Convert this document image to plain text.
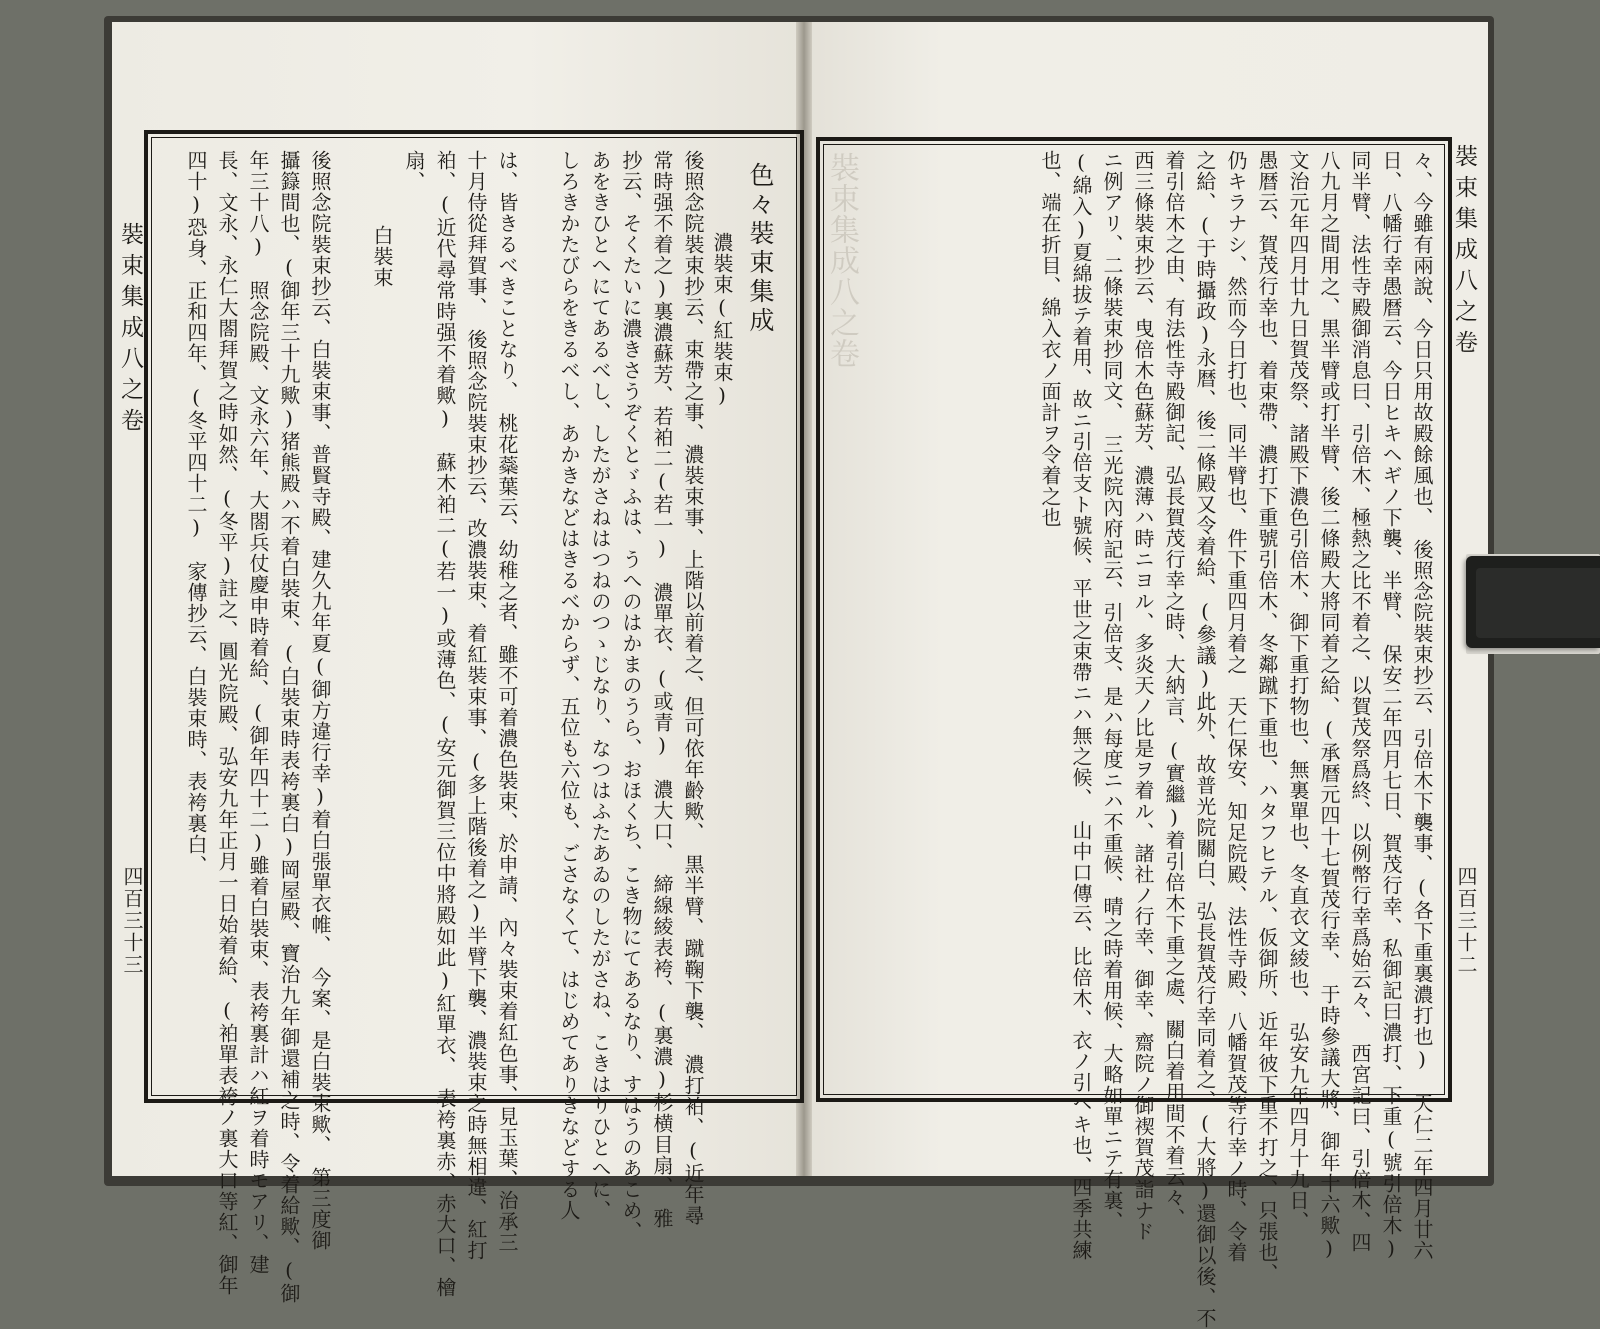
裝束集成八之卷
裝束集成八之卷
四百三十三
裝束集成八之卷
四百三十二
色々裝束集成
濃裝束(紅裝束)
後照念院裝束抄云、束帶之事、濃裝束事、上階以前着之、但可依年齡歟、　黒半臂、蹴鞠下襲、　濃打袙、(近年尋
常時强不着之)裏濃蘇芳、若袙二(若一)　濃單衣、(或青)　濃大口、　締線綾表袴、(裏濃)杉横目扇、　雅
抄云、そくたいに濃きさうぞくとゞふは、うへのはかまのうら、おほくち、こき物にてあるなり、すはうのあこめ、
あをきひとへにてあるべし、したがさねはつねのつゝじなり、なつはふたあゐのしたがさね、こきはりひとへに、
しろきかたびらをきるべし、あかきなどはきるべからず、五位も六位も、ごさなくて、はじめてありきなどする人
は、皆きるべきことなり、　桃花蘂葉云、幼稚之者、雖不可着濃色裝束、於申請、內々裝束着紅色事、見玉葉、治承三
十月侍從拜賀事、　後照念院裝束抄云、改濃裝束、着紅裝束事、(多上階後着之)半臂下襲、濃裝束之時無相違、紅打
袙、(近代尋常時强不着歟)　蘇木袙二(若一)或薄色、(安元御賀三位中將殿如此)紅單衣、　表袴裏赤、赤大口、檜
扇、
白裝束
後照念院裝束抄云、白裝束事、普賢寺殿、建久九年夏(御方違行幸)着白張單衣帷、　今案、是白裝束歟、　第三度御
攝籙間也、(御年三十九歟)猪熊殿ハ不着白裝束、(白裝束時表袴裏白)岡屋殿、寶治九年御還補之時、令着給歟、(御
年三十八)　照念院殿、文永六年、大閤兵仗慶申時着給、(御年四十二)雖着白裝束、表袴裏計ハ紅ヲ着時モアリ、建
長、文永、永仁大閤拜賀之時如然、(冬平)註之、圓光院殿、弘安九年正月一日始着給、(袙單表袴ノ裏大口等紅、御年
四十)恐身、正和四年、(冬平四十二)　家傳抄云、白裝束時、表袴裏白、	々、今雖有兩說、今日只用故殿餘風也、　後照念院裝束抄云、引倍木下襲事、(各下重裏濃打也)　天仁二年四月廿六
日、八幡行幸愚暦云、今日ヒキヘギノ下襲、半臂、　保安二年四月七日、賀茂行幸、私御記曰濃打、下重(號引倍木)
同半臂、法性寺殿御消息曰、引倍木、極熱之比不着之、以賀茂祭爲終、以例幣行幸爲始云々、　西宮記曰、引倍木、四
八九月之間用之、黒半臂或打半臂、後二條殿大將同着之給、(承暦元四十七賀茂行幸、　于時參議大將、御年十六歟)
文治元年四月廿九日賀茂祭、諸殿下濃色引倍木、御下重打物也、無裏單也、冬直衣文綾也、　弘安九年四月十九日、
愚暦云、賀茂行幸也、着束帶、濃打下重號引倍木、冬鄰蹴下重也、ハタフヒテル、仮御所、近年彼下重不打之、只張也、
仍キラナシ、然而今日打也、同半臂也、件下重四月着之　天仁保安、知足院殿、法性寺殿、八幡賀茂等行幸ノ時、令着
之給、(于時攝政)永暦、後二條殿又令着給、(參議)此外、故普光院關白、弘長賀茂行幸同着之、(大將)還御以後、不
着引倍木之由、有法性寺殿御記、弘長賀茂行幸之時、大納言、(實繼)着引倍木下重之處、關白着用間不着云々、
西三條裝束抄云、曳倍木色蘇芳、濃薄ハ時ニヨル、多炎天ノ比是ヲ着ル、諸社ノ行幸、御幸、齋院ノ御禊賀茂詣ナド
ニ例アリ、二條裝束抄同文、　三光院內府記云、引倍支、是ハ每度ニハ不重候、晴之時着用候、大略如單ニテ有裏、
(綿入)夏綿拔テ着用、故ニ引倍支ト號候、平世之束帶ニハ無之候、　山中口傳云、比倍木、衣ノ引ヘキ也、四季共練
也、端在折目、綿入衣ノ面計ヲ令着之也
